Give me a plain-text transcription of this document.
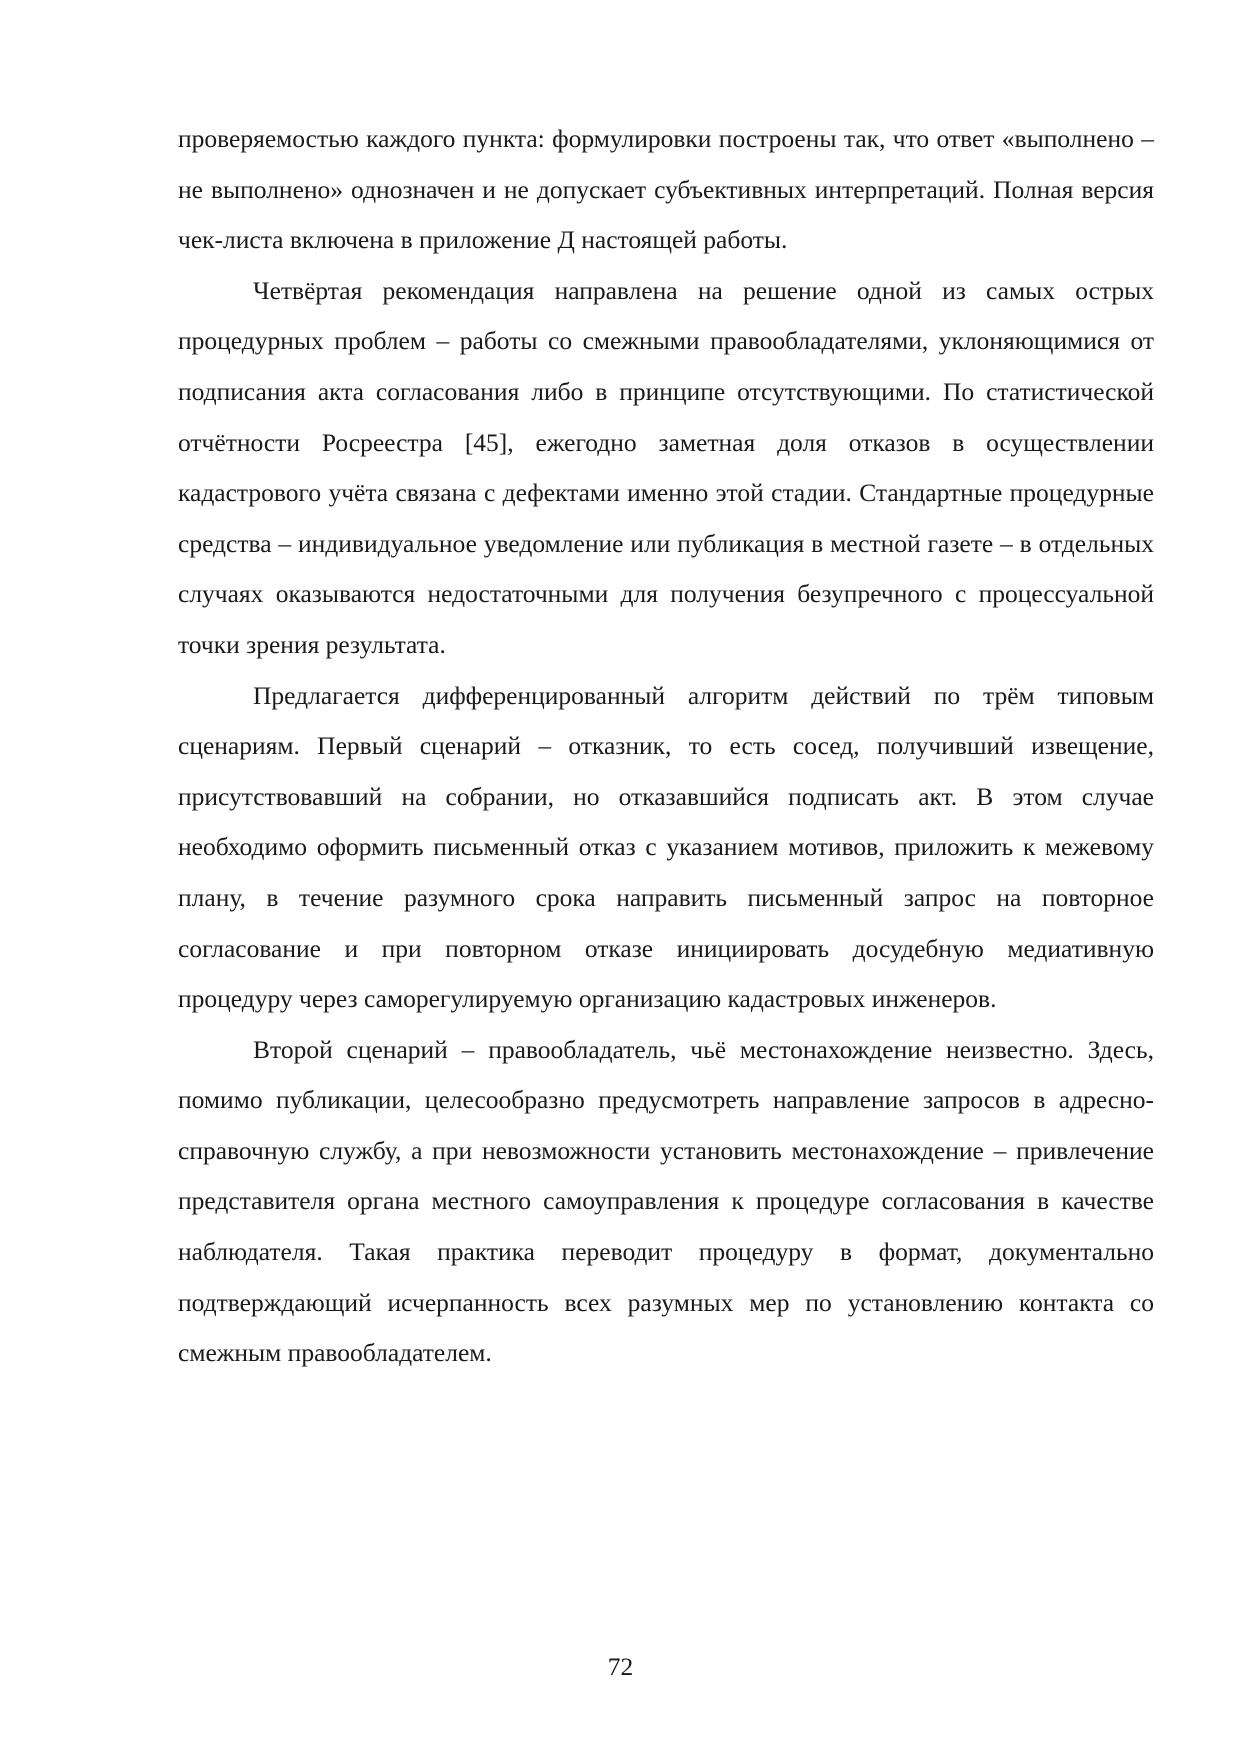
проверяемостью каждого пункта: формулировки построены так, что ответ «выполнено – не выполнено» однозначен и не допускает субъективных интерпретаций. Полная версия чек-листа включена в приложение Д настоящей работы.

Четвёртая рекомендация направлена на решение одной из самых острых процедурных проблем – работы со смежными правообладателями, уклоняющимися от подписания акта согласования либо в принципе отсутствующими. По статистической отчётности Росреестра [45], ежегодно заметная доля отказов в осуществлении кадастрового учёта связана с дефектами именно этой стадии. Стандартные процедурные средства – индивидуальное уведомление или публикация в местной газете – в отдельных случаях оказываются недостаточными для получения безупречного с процессуальной точки зрения результата.

Предлагается дифференцированный алгоритм действий по трём типовым сценариям. Первый сценарий – отказник, то есть сосед, получивший извещение, присутствовавший на собрании, но отказавшийся подписать акт. В этом случае необходимо оформить письменный отказ с указанием мотивов, приложить к межевому плану, в течение разумного срока направить письменный запрос на повторное согласование и при повторном отказе инициировать досудебную медиативную процедуру через саморегулируемую организацию кадастровых инженеров.

Второй сценарий – правообладатель, чьё местонахождение неизвестно. Здесь, помимо публикации, целесообразно предусмотреть направление запросов в адресно-справочную службу, а при невозможности установить местонахождение – привлечение представителя органа местного самоуправления к процедуре согласования в качестве наблюдателя. Такая практика переводит процедуру в формат, документально подтверждающий исчерпанность всех разумных мер по установлению контакта со смежным правообладателем.

72
